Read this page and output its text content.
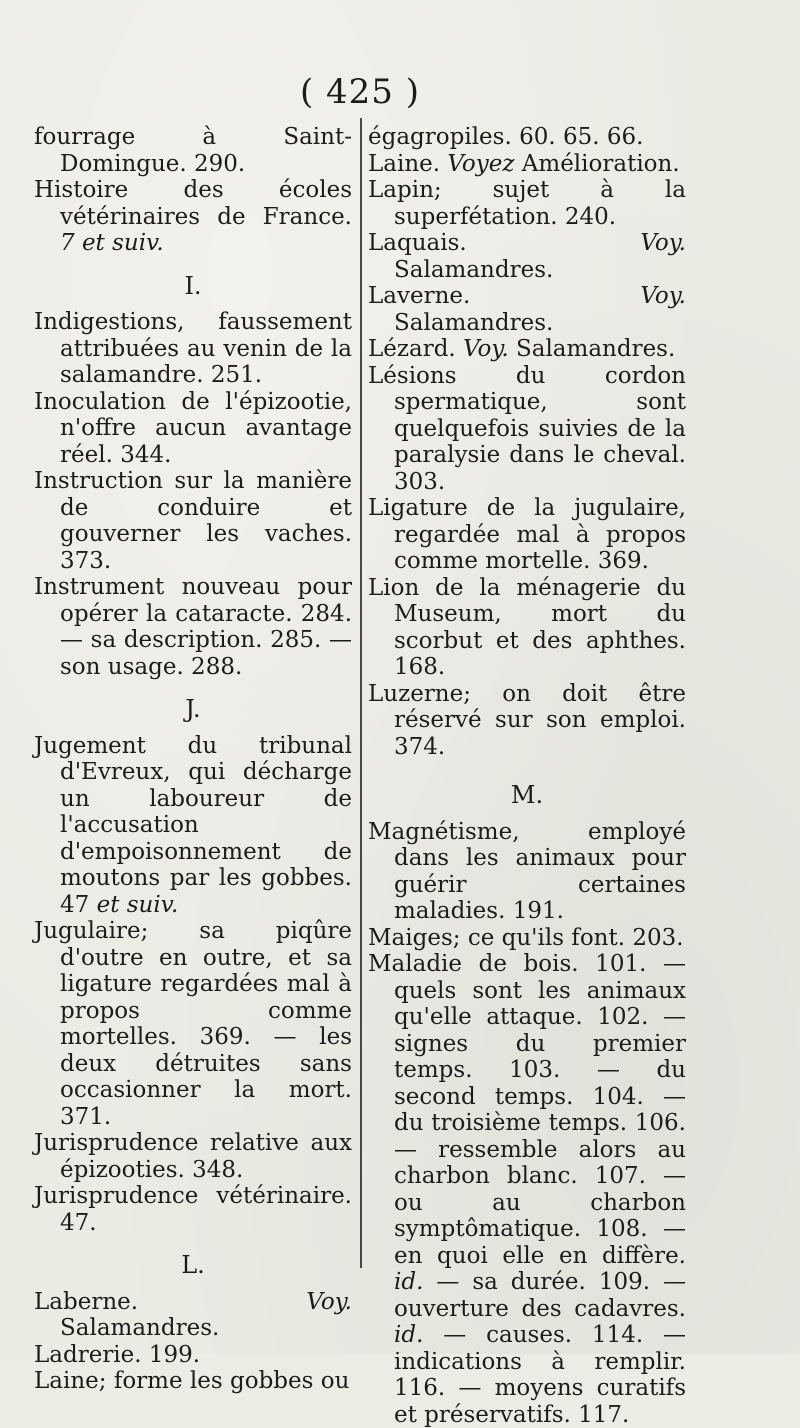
( 425 )

fourrage à Saint-Domingue. 290.

Histoire des écoles vétérinaires de France. 7 et suiv.

I.

Indigestions, faussement attribuées au venin de la salamandre. 251.

Inoculation de l'épizootie, n'offre aucun avantage réel. 344.

Instruction sur la manière de conduire et gouverner les vaches. 373.

Instrument nouveau pour opérer la cataracte. 284. — sa description. 285. — son usage. 288.

J.

Jugement du tribunal d'Evreux, qui décharge un laboureur de l'accusation d'empoisonnement de moutons par les gobbes. 47 et suiv.

Jugulaire; sa piqûre d'outre en outre, et sa ligature regardées mal à propos comme mortelles. 369. — les deux détruites sans occasionner la mort. 371.

Jurisprudence relative aux épizooties. 348.

Jurisprudence vétérinaire. 47.

L.

Laberne. Voy. Salamandres.

Ladrerie. 199.

Laine; forme les gobbes ou

égagropiles. 60. 65. 66.

Laine. Voyez Amélioration.

Lapin; sujet à la superfétation. 240.

Laquais. Voy. Salamandres.

Laverne. Voy. Salamandres.

Lézard. Voy. Salamandres.

Lésions du cordon spermatique, sont quelquefois suivies de la paralysie dans le cheval. 303.

Ligature de la jugulaire, regardée mal à propos comme mortelle. 369.

Lion de la ménagerie du Museum, mort du scorbut et des aphthes. 168.

Luzerne; on doit être réservé sur son emploi. 374.

M.

Magnétisme, employé dans les animaux pour guérir certaines maladies. 191.

Maiges; ce qu'ils font. 203.

Maladie de bois. 101. — quels sont les animaux qu'elle attaque. 102. — signes du premier temps. 103. — du second temps. 104. — du troisième temps. 106. — ressemble alors au charbon blanc. 107. — ou au charbon symptômatique. 108. — en quoi elle en diffère. id. — sa durée. 109. — ouverture des cadavres. id. — causes. 114. — indications à remplir. 116. — moyens curatifs et préservatifs. 117.
